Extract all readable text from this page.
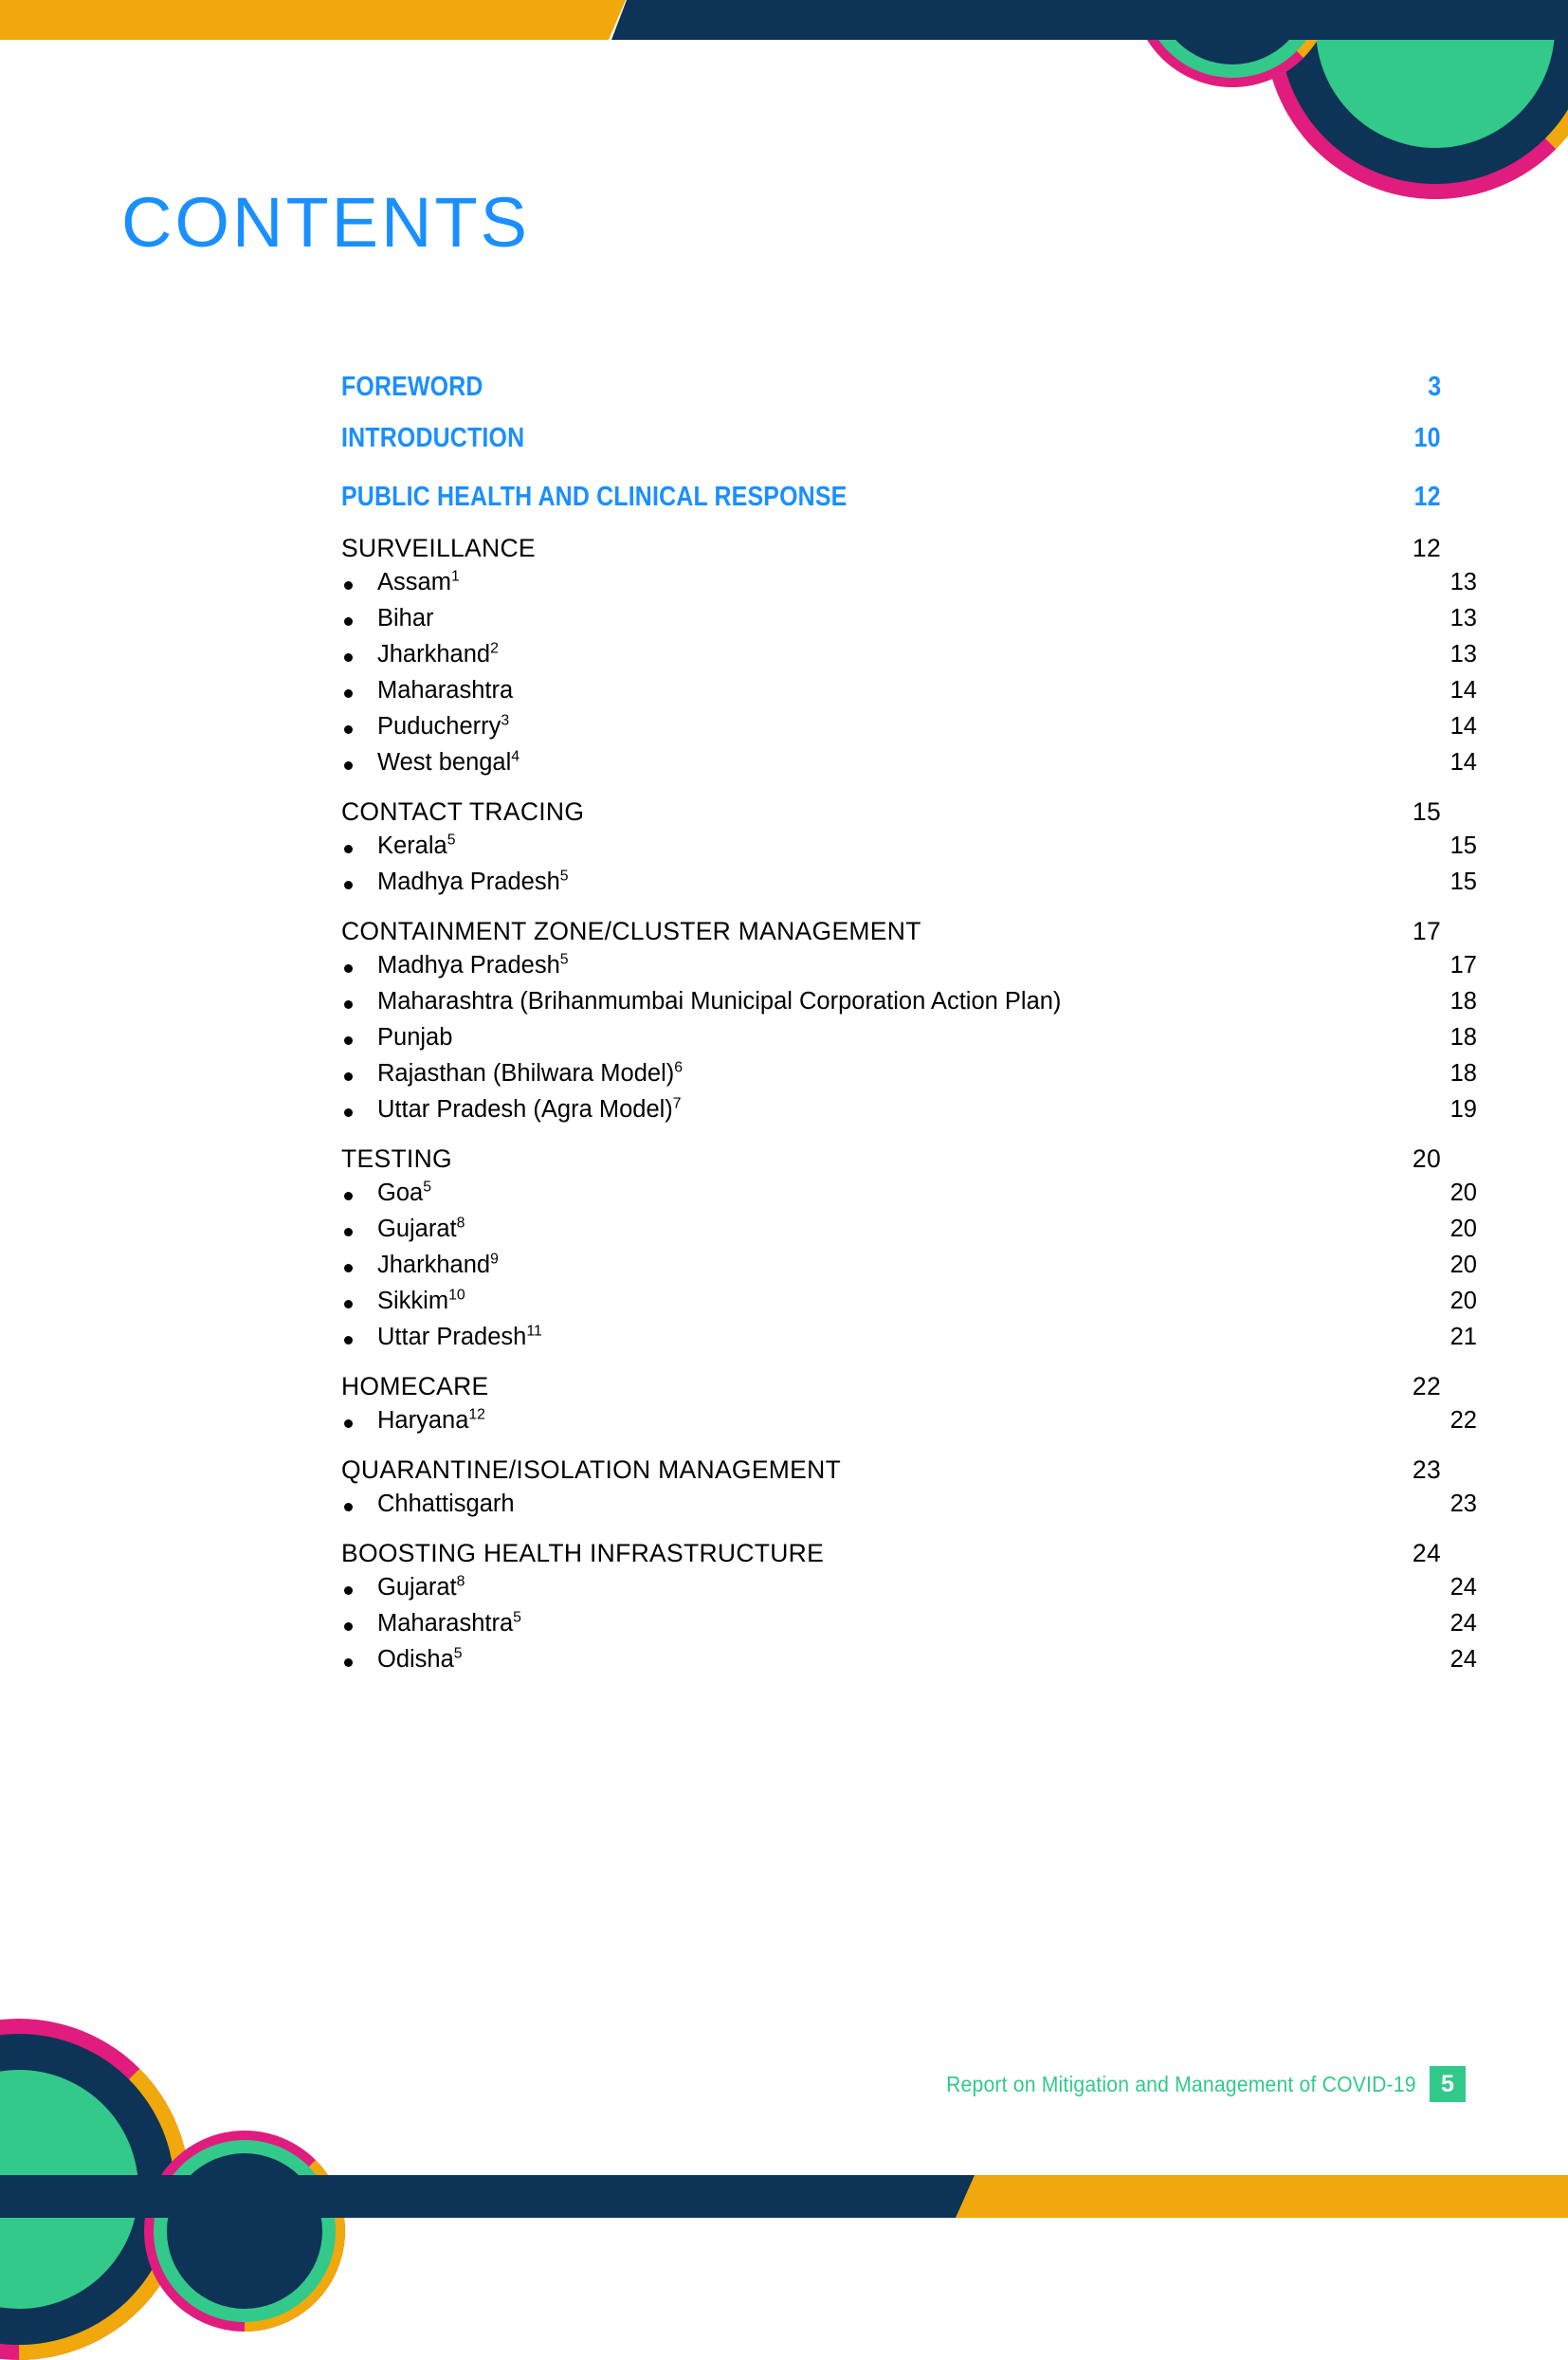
CONTENTS
FOREWORD	3
INTRODUCTION	10
PUBLIC HEALTH AND CLINICAL RESPONSE	12
SURVEILLANCE	12
Assam$^1$	13
Bihar	13
Jharkhand$^2$	13
Maharashtra	14
Puducherry$^3$	14
West bengal$^4$	14
CONTACT TRACING	15
Kerala$^5$	15
Madhya Pradesh$^5$	15
CONTAINMENT ZONE/CLUSTER MANAGEMENT	17
Madhya Pradesh$^5$	17
Maharashtra (Brihanmumbai Municipal Corporation Action Plan)	18
Punjab	18
Rajasthan (Bhilwara Model)$^6$	18
Uttar Pradesh (Agra Model)$^7$	19
TESTING	20
Goa$^5$	20
Gujarat$^8$	20
Jharkhand$^9$	20
Sikkim$^{10}$	20
Uttar Pradesh$^{11}$	21
HOMECARE	22
Haryana$^{12}$	22
QUARANTINE/ISOLATION MANAGEMENT	23
Chhattisgarh	23
BOOSTING HEALTH INFRASTRUCTURE	24
Gujarat$^8$	24
Maharashtra$^5$	24
Odisha$^5$	24
Report on Mitigation and Management of COVID-19	5
